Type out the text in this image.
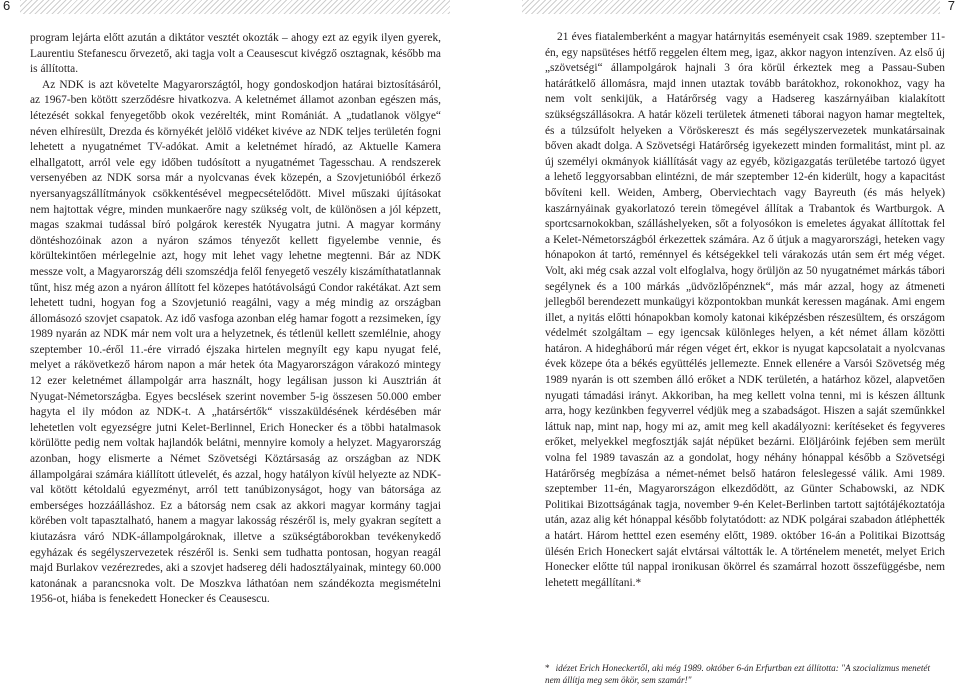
6	7

program lejárta előtt azután a diktátor vesztét okozták – ahogy ezt az egyik ilyen gyerek, Laurentiu Stefanescu őrvezető, aki tagja volt a Ceausescut kivégző osztagnak, később ma is állította.

Az NDK is azt követelte Magyarországtól, hogy gondoskodjon határai biztosításáról, az 1967-ben kötött szerződésre hivatkozva. A keletnémet államot azonban egészen más, létezését sokkal fenyegetőbb okok vezérelték, mint Romániát. A „tudatlanok völgye“ néven elhíresült, Drezda és környékét jelölő vidéket kivéve az NDK teljes területén fogni lehetett a nyugatnémet TV-adókat. Amit a keletnémet híradó, az Aktuelle Kamera elhallgatott, arról vele egy időben tudósított a nyugatnémet Tagesschau. A rendszerek versenyében az NDK sorsa már a nyolcvanas évek közepén, a Szovjetunióból érkező nyersanyagszállítmányok csökkentésével megpecsételődött. Mivel műszaki újításokat nem hajtottak végre, minden munkaerőre nagy szükség volt, de különösen a jól képzett, magas szakmai tudással bíró polgárok keresték Nyugatra jutni. A magyar kormány döntéshozóinak azon a nyáron számos tényezőt kellett figyelembe vennie, és körültekintően mérlegelnie azt, hogy mit lehet vagy lehetne megtenni. Bár az NDK messze volt, a Magyarország déli szomszédja felől fenyegető veszély kiszámíthatatlannak tűnt, hisz még azon a nyáron állított fel közepes hatótávolságú Condor rakétákat. Azt sem lehetett tudni, hogyan fog a Szovjetunió reagálni, vagy a még mindig az országban állomásozó szovjet csapatok. Az idő vasfoga azonban elég hamar fogott a rezsimeken, így 1989 nyarán az NDK már nem volt ura a helyzetnek, és tétlenül kellett szemlélnie, ahogy szeptember 10.-éről 11.-ére virradó éjszaka hirtelen megnyílt egy kapu nyugat felé, melyet a rákövetkező három napon a már hetek óta Magyarországon várakozó mintegy 12 ezer keletnémet állampolgár arra használt, hogy legálisan jusson ki Ausztrián át Nyugat-Németországba. Egyes becslések szerint november 5-ig összesen 50.000 ember hagyta el ily módon az NDK-t. A „határsértők“ visszaküldésének kérdésében már lehetetlen volt egyezségre jutni Kelet-Berlinnel, Erich Honecker és a többi hatalmasok körülötte pedig nem voltak hajlandók belátni, mennyire komoly a helyzet. Magyarország azonban, hogy elismerte a Német Szövetségi Köztársaság az országban az NDK állampolgárai számára kiállított útlevelét, és azzal, hogy hatályon kívül helyezte az NDK-val kötött kétoldalú egyezményt, arról tett tanúbizonyságot, hogy van bátorsága az emberséges hozzáálláshoz. Ez a bátorság nem csak az akkori magyar kormány tagjai körében volt tapasztalható, hanem a magyar lakosság részéről is, mely gyakran segített a kiutazásra váró NDK-állampolgároknak, illetve a szükségtáborokban tevékenykedő egyházak és segélyszervezetek részéről is. Senki sem tudhatta pontosan, hogyan reagál majd Burlakov vezérezredes, aki a szovjet hadsereg déli hadosztályainak, mintegy 60.000 katonának a parancsnoka volt. De Moszkva láthatóan nem szándékozta megismételni 1956-ot, hiába is fenekedett Honecker és Ceausescu.

21 éves fiatalemberként a magyar határnyitás eseményeit csak 1989. szeptember 11-én, egy napsütéses hétfő reggelen éltem meg, igaz, akkor nagyon intenzíven. Az első új „szövetségi“ állampolgárok hajnali 3 óra körül érkeztek meg a Passau-Suben határátkelő állomásra, majd innen utaztak tovább barátokhoz, rokonokhoz, vagy ha nem volt senkijük, a Határőrség vagy a Hadsereg kaszárnyáiban kialakított szükségszállásokra. A határ közeli területek átmeneti táborai nagyon hamar megteltek, és a túlzsúfolt helyeken a Vöröskereszt és más segélyszervezetek munkatársainak bőven akadt dolga. A Szövetségi Határőrség igyekezett minden formalitást, mint pl. az új személyi okmányok kiállítását vagy az egyéb, közigazgatás területébe tartozó ügyet a lehető leggyorsabban elintézni, de már szeptember 12-én kiderült, hogy a kapacitást bővíteni kell. Weiden, Amberg, Oberviechtach vagy Bayreuth (és más helyek) kaszárnyáinak gyakorlatozó terein tömegével állítak a Trabantok és Wartburgok. A sportcsarnokokban, szálláshelyeken, sőt a folyosókon is emeletes ágyakat állítottak fel a Kelet-Németországból érkezettek számára. Az ő útjuk a magyarországi, heteken vagy hónapokon át tartó, reménnyel és kétségekkel teli várakozás után sem ért még véget. Volt, aki még csak azzal volt elfoglalva, hogy örüljön az 50 nyugatnémet márkás tábori segélynek és a 100 márkás „üdvözlőpénznek“, más már azzal, hogy az átmeneti jellegből berendezett munkaügyi központokban munkát keressen magának. Ami engem illet, a nyitás előtti hónapokban komoly katonai kiképzésben részesültem, és országom védelmét szolgáltam – egy igencsak különleges helyen, a két német állam közötti határon. A hidegháború már régen véget ért, ekkor is nyugat kapcsolatait a nyolcvanas évek közepe óta a békés együttélés jellemezte. Ennek ellenére a Varsói Szövetség még 1989 nyarán is ott szemben álló erőket a NDK területén, a határhoz közel, alapvetően nyugati támadási irányt. Akkoriban, ha meg kellett volna tenni, mi is készen álltunk arra, hogy kezünkben fegyverrel védjük meg a szabadságot. Hiszen a saját szeműnkkel láttuk nap, mint nap, hogy mi az, amit meg kell akadályozni: kerítéseket és fegyveres erőket, melyekkel megfosztják saját népüket bezárni. Elöljáróink fejében sem merült volna fel 1989 tavaszán az a gondolat, hogy néhány hónappal később a Szövetségi Határőrség megbízása a német-német belső határon feleslegessé válik. Ami 1989. szeptember 11-én, Magyarországon elkezdődött, az Günter Schabowski, az NDK Politikai Bizottságának tagja, november 9-én Kelet-Berlinben tartott sajtótájékoztatója után, azaz alig két hónappal később folytatódott: az NDK polgárai szabadon átléphették a határt. Három hetttel ezen esemény előtt, 1989. október 16-án a Politikai Bizottság ülésén Erich Honeckert saját elvtársai váltották le. A történelem menetét, melyet Erich Honecker előtte túl nappal ironikusan ökörrel és szamárral hozott összefüggésbe, nem lehetett megállítani.*

* idézet Erich Honeckertől, aki még 1989. október 6-án Erfurtban ezt állította: "A szocializmus menetét nem állítja meg sem ökör, sem szamár!"
